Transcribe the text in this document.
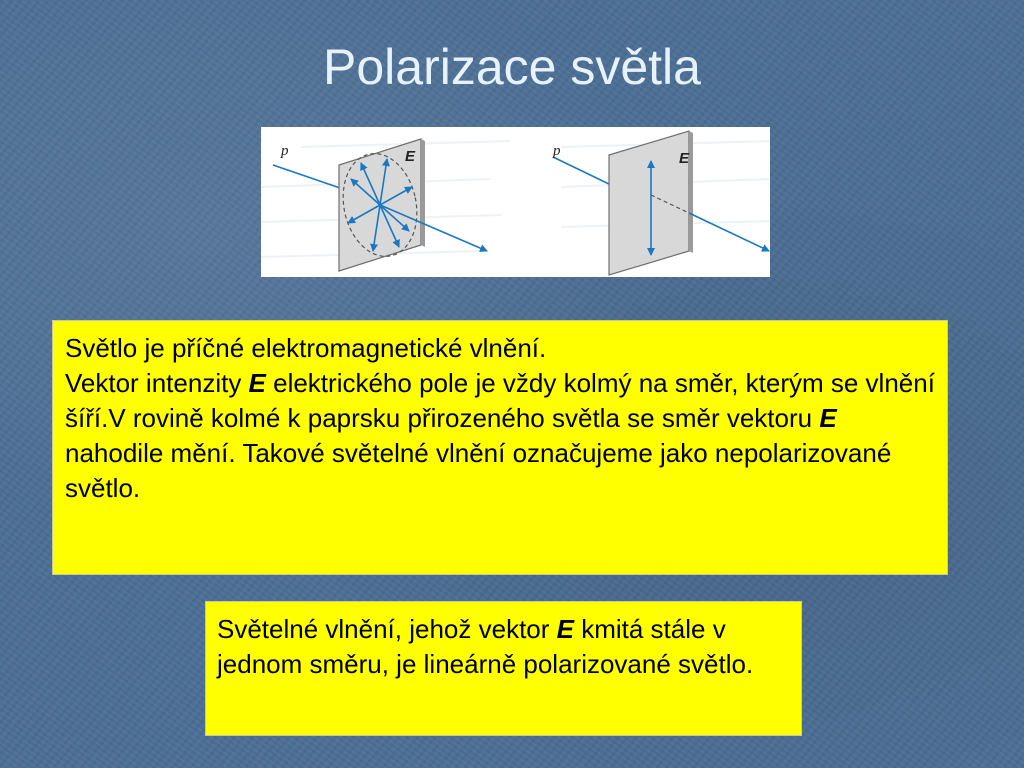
Polarizace světla
p	E	p	E
Světlo je příčné elektromagnetické vlnění.
Vektor intenzity E elektrického pole je vždy kolmý na směr, kterým se vlnění šíří.V rovině kolmé k paprsku přirozeného světla se směr vektoru E nahodile mění. Takové světelné vlnění označujeme jako nepolarizované světlo.
Světelné vlnění, jehož vektor E kmitá stále v jednom směru, je lineárně polarizované světlo.
